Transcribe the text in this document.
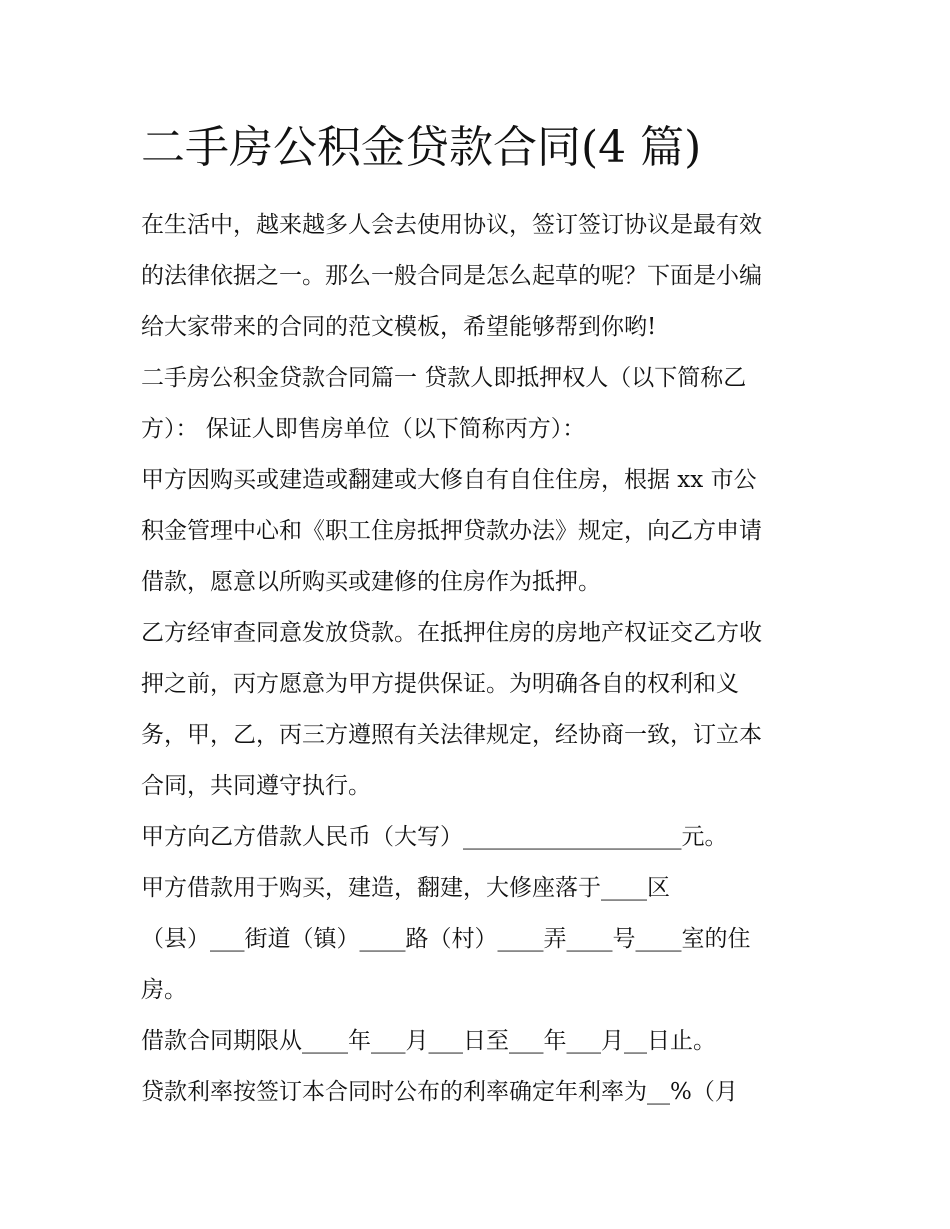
二手房公积金贷款合同(4 篇)
在生活中，越来越多人会去使用协议，签订签订协议是最有效
的法律依据之一。那么一般合同是怎么起草的呢？下面是小编
给大家带来的合同的范文模板，希望能够帮到你哟!
二手房公积金贷款合同篇一 贷款人即抵押权人（以下简称乙
方）： 保证人即售房单位（以下简称丙方）：
甲方因购买或建造或翻建或大修自有自住住房，根据 xx 市公
积金管理中心和《职工住房抵押贷款办法》规定，向乙方申请
借款，愿意以所购买或建修的住房作为抵押。
乙方经审查同意发放贷款。在抵押住房的房地产权证交乙方收
押之前，丙方愿意为甲方提供保证。为明确各自的权利和义
务，甲，乙，丙三方遵照有关法律规定，经协商一致，订立本
合同，共同遵守执行。
甲方向乙方借款人民币（大写）___________________元。
甲方借款用于购买，建造，翻建，大修座落于____区
（县）___街道（镇）____路（村）____弄____号____室的住
房。
借款合同期限从____年___月___日至___年___月__日止。
贷款利率按签订本合同时公布的利率确定年利率为__%（月
